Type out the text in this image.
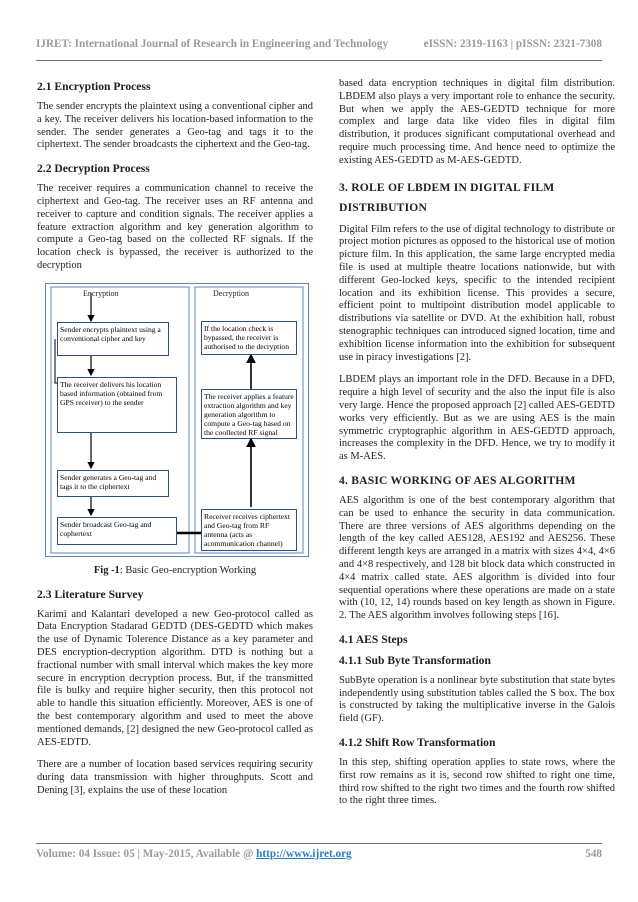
IJRET: International Journal of Research in Engineering and Technology	eISSN: 2319-1163 | pISSN: 2321-7308
2.1 Encryption Process

The sender encrypts the plaintext using a conventional cipher and a key. The receiver delivers his location-based information to the sender. The sender generates a Geo-tag and tags it to the ciphertext. The sender broadcasts the ciphertext and the Geo-tag.

2.2 Decryption Process

The receiver requires a communication channel to receive the ciphertext and Geo-tag. The receiver uses an RF antenna and receiver to capture and condition signals. The receiver applies a feature extraction algorithm and key generation algorithm to compute a Geo-tag based on the collected RF signals. If the location check is bypassed, the receiver is authorized to the decryption

Encryption	Decryption
Sender encrypts plaintext using a conventional cipher and key
The receiver delivers his location based information (obtained from GPS receiver) to the sender
Sender generates a Geo-tag and tags it to the ciphertext
Sender broadcast Geo-tag and cophertext
If the location check is bypassed, the receiver is authorised to the decryption
The receiver applies a feature extraction algorithm and key generation algorithm to compute a Geo-tag based on the coollected RF signal
Receiver receives ciphertext and Geo-tag from RF antenna (acts as acommunication channel)

Fig -1: Basic Geo-encryption Working

2.3 Literature Survey

Karimi and Kalantari developed a new Geo-protocol called as Data Encryption Stadarad GEDTD (DES-GEDTD which makes the use of Dynamic Tolerence Distance as a key parameter and DES encryption-decryption algorithm. DTD is nothing but a fractional number with small interval which makes the key more secure in encryption decryption process. But, if the transmitted file is bulky and require higher security, then this protocol not able to handle this situation efficiently. Moreover, AES is one of the best contemporary algorithm and used to meet the above mentioned demands, [2] designed the new Geo-protocol called as AES-EDTD.

There are a number of location based services requiring security during data transmission with higher throughputs. Scott and Dening [3], explains the use of these location

based data encryption techniques in digital film distribution. LBDEM also plays a very important role to enhance the security. But when we apply the AES-GEDTD technique for more complex and large data like video files in digital film distribution, it produces significant computational overhead and require much processing time. And hence need to optimize the existing AES-GEDTD as M-AES-GEDTD.

3. ROLE OF LBDEM IN DIGITAL FILM DISTRIBUTION

Digital Film refers to the use of digital technology to distribute or project motion pictures as opposed to the historical use of motion picture film. In this application, the same large encrypted media file is used at multiple theatre locations nationwide, but with different Geo-locked keys, specific to the intended recipient location and its exhibition license. This provides a secure, efficient point to multipoint distribution model applicable to distributions via satellite or DVD. At the exhibition hall, robust stenographic techniques can introduced signed location, time and exhibition license information into the exhibition for subsequent use in piracy investigations [2].

LBDEM plays an important role in the DFD. Because in a DFD, require a high level of security and the also the input file is also very large. Hence the proposed approach [2] called AES-GEDTD works very efficiently. But as we are using AES is the main symmetric cryptographic algorithm in AES-GEDTD approach, increases the complexity in the DFD. Hence, we try to modify it as M-AES.

4. BASIC WORKING OF AES ALGORITHM

AES algorithm is one of the best contemporary algorithm that can be used to enhance the security in data communication. There are three versions of AES algorithms depending on the length of the key called AES128, AES192 and AES256. These different length keys are arranged in a matrix with sizes 4×4, 4×6 and 4×8 respectively, and 128 bit block data which constructed in 4×4 matrix called state. AES algorithm is divided into four sequential operations where these operations are made on a state with (10, 12, 14) rounds based on key length as shown in Figure. 2. The AES algorithm involves following steps [16].

4.1 AES Steps
4.1.1 Sub Byte Transformation

SubByte operation is a nonlinear byte substitution that state bytes independently using substitution tables called the S box. The box is constructed by taking the multiplicative inverse in the Galois field (GF).

4.1.2 Shift Row Transformation

In this step, shifting operation applies to state rows, where the first row remains as it is, second row shifted to right one time, third row shifted to the right two times and the fourth row shifted to the right three times.

Volume: 04 Issue: 05 | May-2015, Available @ http://www.ijret.org	548
